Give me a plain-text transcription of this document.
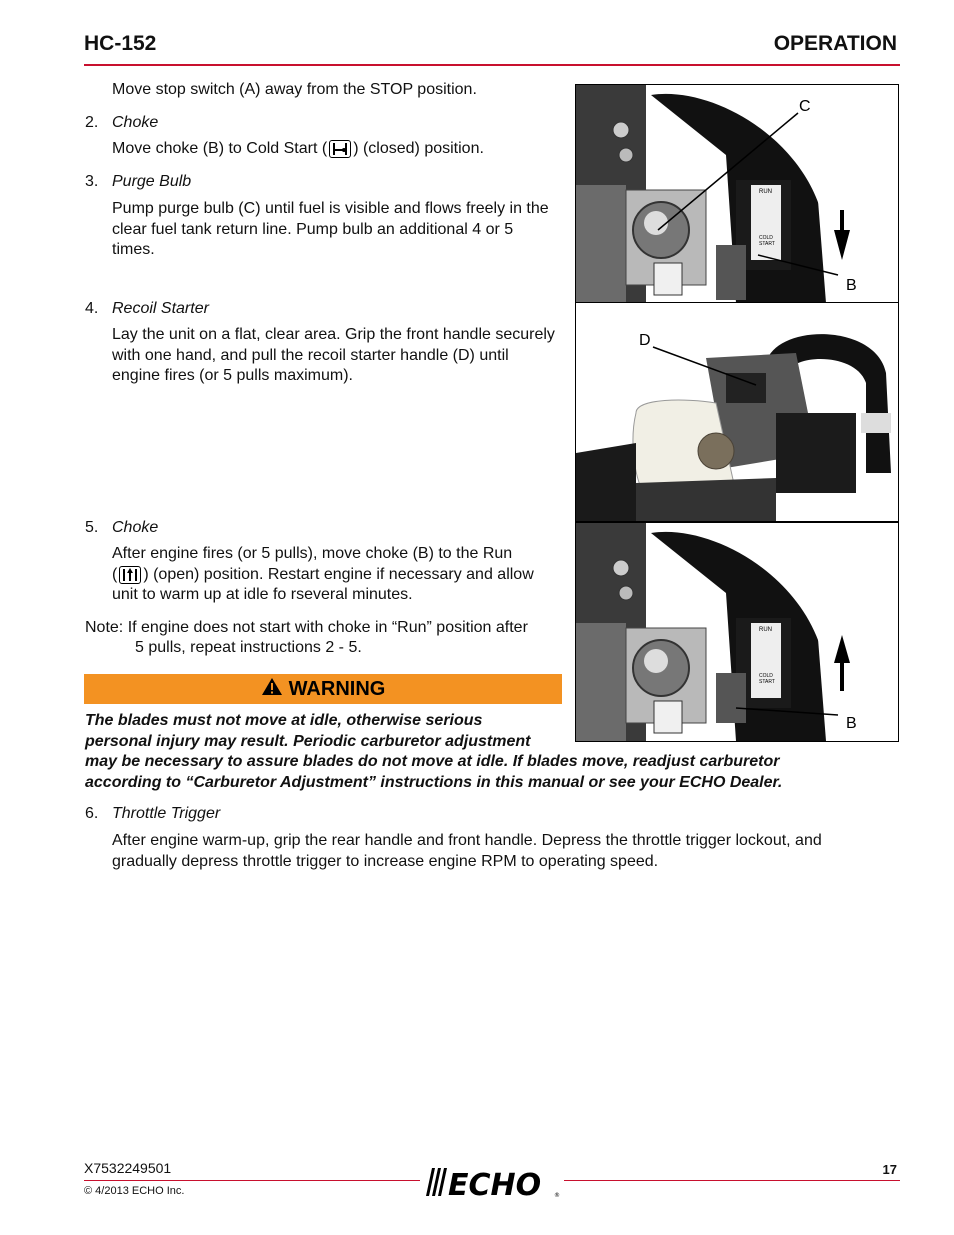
HC-152	OPERATION
Move stop switch (A) away from the STOP position.
2. Choke
Move choke (B) to Cold Start ( ) (closed) position.
3. Purge Bulb
Pump purge bulb (C) until fuel is visible and flows freely in the
clear fuel tank return line. Pump bulb an additional 4 or 5
times.
4. Recoil Starter
Lay the unit on a flat, clear area. Grip the front handle securely
with one hand, and pull the recoil starter handle (D) until
engine fires (or 5 pulls maximum).
5. Choke
After engine fires (or 5 pulls), move choke (B) to the Run
( ) (open) position. Restart engine if necessary and allow
unit to warm up at idle fo rseveral minutes.
Note: If engine does not start with choke in “Run” position after
5 pulls, repeat instructions 2 - 5.
WARNING
The blades must not move at idle, otherwise serious
personal injury may result. Periodic carburetor adjustment
may be necessary to assure blades do not move at idle. If blades move, readjust carburetor
according to “Carburetor Adjustment” instructions in this manual or see your ECHO Dealer.
6. Throttle Trigger
After engine warm-up, grip the rear handle and front handle. Depress the throttle trigger lockout, and
gradually depress throttle trigger to increase engine RPM to operating speed.
C
B
RUN
COLD
START
D
B
RUN
COLD
START
X7532249501
© 4/2013 ECHO Inc.	ECHO ®
17
